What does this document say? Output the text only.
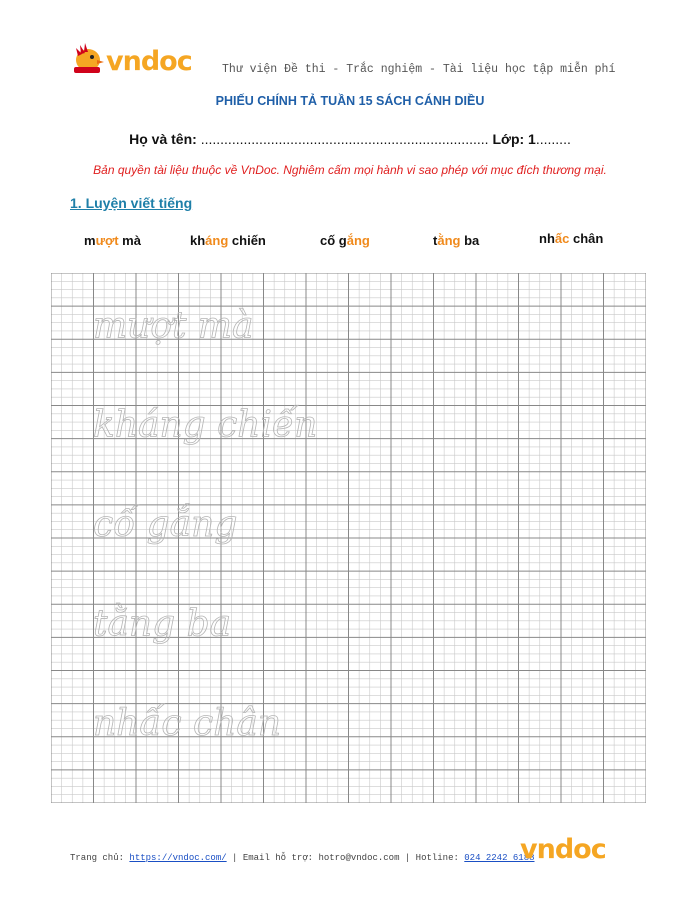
vndoc	Thư viện Đề thi - Trắc nghiệm - Tài liệu học tập miễn phí
PHIẾU CHÍNH TẢ TUẦN 15 SÁCH CÁNH DIỀU
Họ và tên: .......................................................................... Lớp: 1.........
Bản quyền tài liệu thuộc về VnDoc. Nghiêm cấm mọi hành vi sao phép với mục đích thương mại.
1. Luyện viết tiếng
mượt mà	kháng chiến	cố gắng	tằng ba	nhấc chân
mượt mà
kháng chiến
cố gắng
tằng ba
nhấc chân
Trang chủ: https://vndoc.com/ | Email hỗ trợ: hotro@vndoc.com | Hotline: 024 2242 6188
vndoc
